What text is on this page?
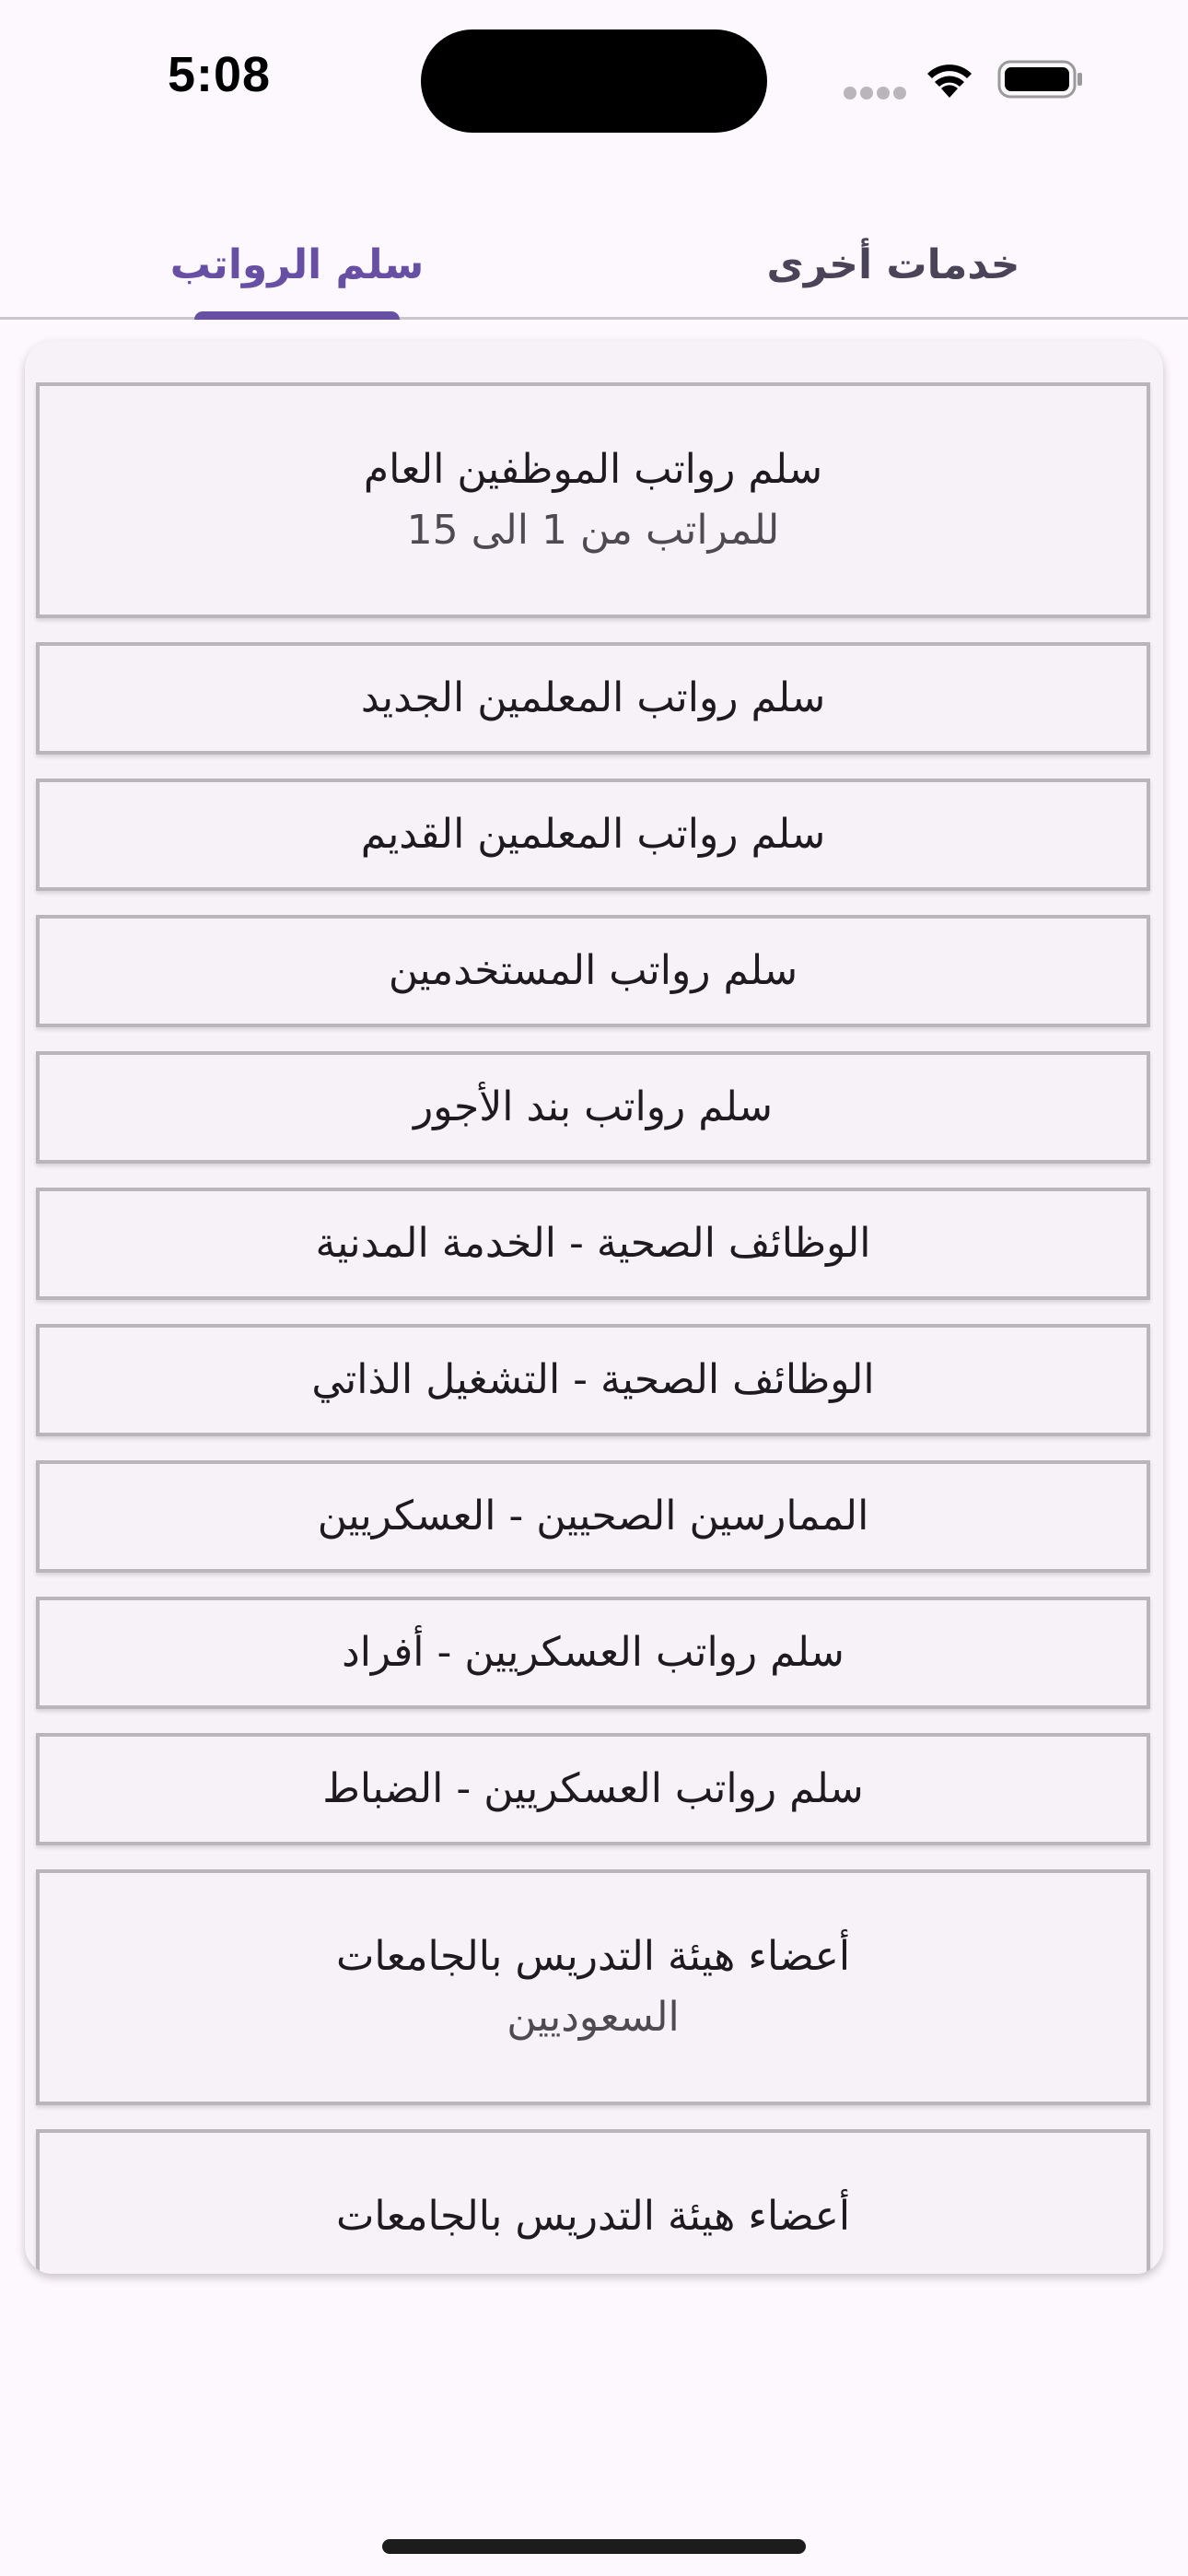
5:08
خدمات أخرى
سلم الرواتب
سلم رواتب الموظفين العام
للمراتب من 1 الى 15
سلم رواتب المعلمين الجديد
سلم رواتب المعلمين القديم
سلم رواتب المستخدمين
سلم رواتب بند الأجور
الوظائف الصحية - الخدمة المدنية
الوظائف الصحية - التشغيل الذاتي
الممارسين الصحيين - العسكريين
سلم رواتب العسكريين - أفراد
سلم رواتب العسكريين - الضباط
أعضاء هيئة التدريس بالجامعات
السعوديين
أعضاء هيئة التدريس بالجامعات
